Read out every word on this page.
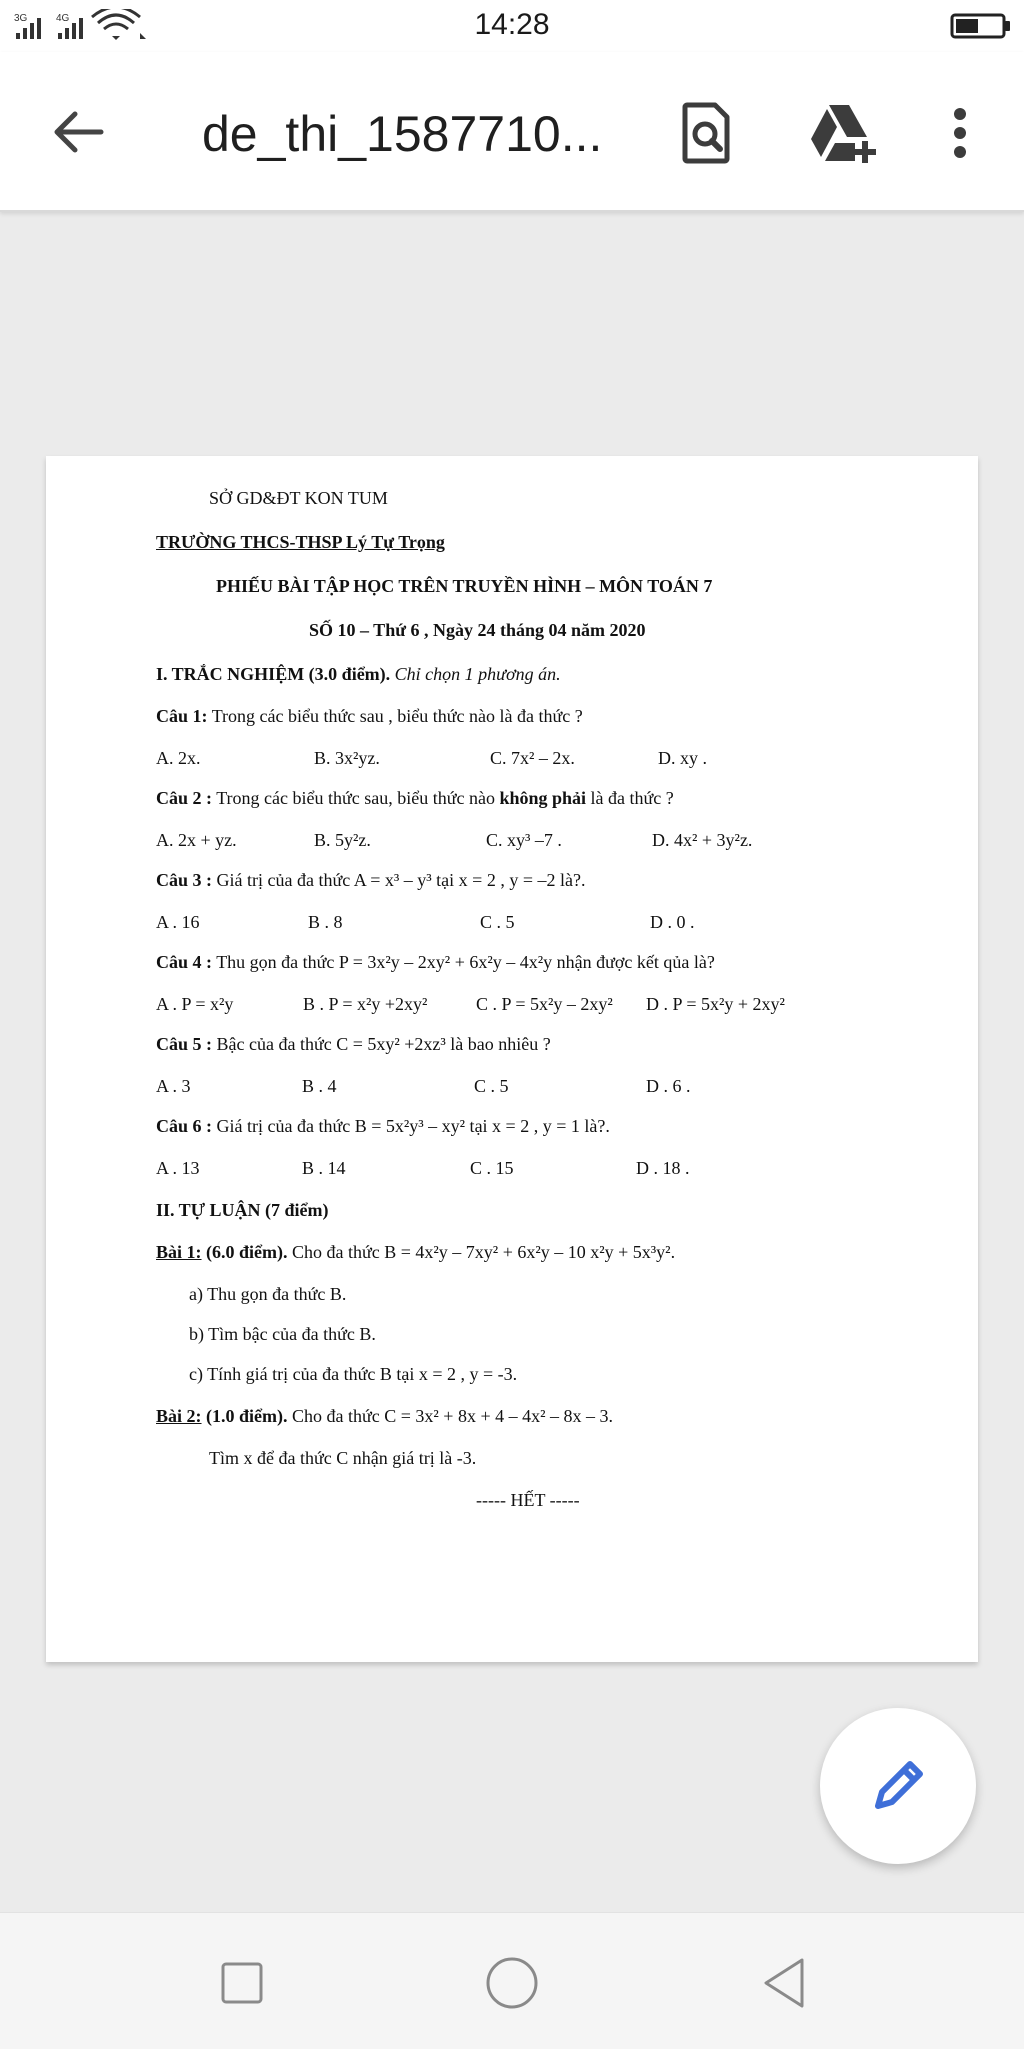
3G	4G	14:28
de_thi_1587710...
SỞ GD&ĐT KON TUM
TRƯỜNG THCS-THSP Lý Tự Trọng
PHIẾU BÀI TẬP HỌC TRÊN TRUYỀN HÌNH – MÔN TOÁN 7
SỐ 10 – Thứ 6 , Ngày 24 tháng 04 năm 2020
I. TRẮC NGHIỆM (3.0 điểm). Chỉ chọn 1 phương án.
Câu 1: Trong các biểu thức sau , biểu thức nào là đa thức ?
A. 2x.	B. 3x²yz.	C. 7x² – 2x.	D. xy .
Câu 2 : Trong các biểu thức sau, biểu thức nào không phải là đa thức ?
A. 2x + yz.	B. 5y²z.	C. xy³ –7 .	D. 4x² + 3y²z.
Câu 3 : Giá trị của đa thức A = x³ – y³ tại x = 2 , y = –2 là?.
A . 16	B . 8	C . 5	D . 0 .
Câu 4 : Thu gọn đa thức P = 3x²y – 2xy² + 6x²y – 4x²y nhận được kết qủa là?
A . P = x²y	B . P = x²y +2xy²	C . P = 5x²y – 2xy² D . P = 5x²y + 2xy²
Câu 5 : Bậc của đa thức C = 5xy² +2xz³ là bao nhiêu ?
A . 3	B . 4	C . 5	D . 6 .
Câu 6 : Giá trị của đa thức B = 5x²y³ – xy² tại x = 2 , y = 1 là?.
A . 13	B . 14	C . 15	D . 18 .
II. TỰ LUẬN (7 điểm)
Bài 1: (6.0 điểm). Cho đa thức B = 4x²y – 7xy² + 6x²y – 10 x²y + 5x³y².
a) Thu gọn đa thức B.
b) Tìm bậc của đa thức B.
c) Tính giá trị của đa thức B tại x = 2 , y = -3.
Bài 2: (1.0 điểm). Cho đa thức C = 3x² + 8x + 4 – 4x² – 8x – 3.
Tìm x để đa thức C nhận giá trị là -3.
----- HẾT -----
